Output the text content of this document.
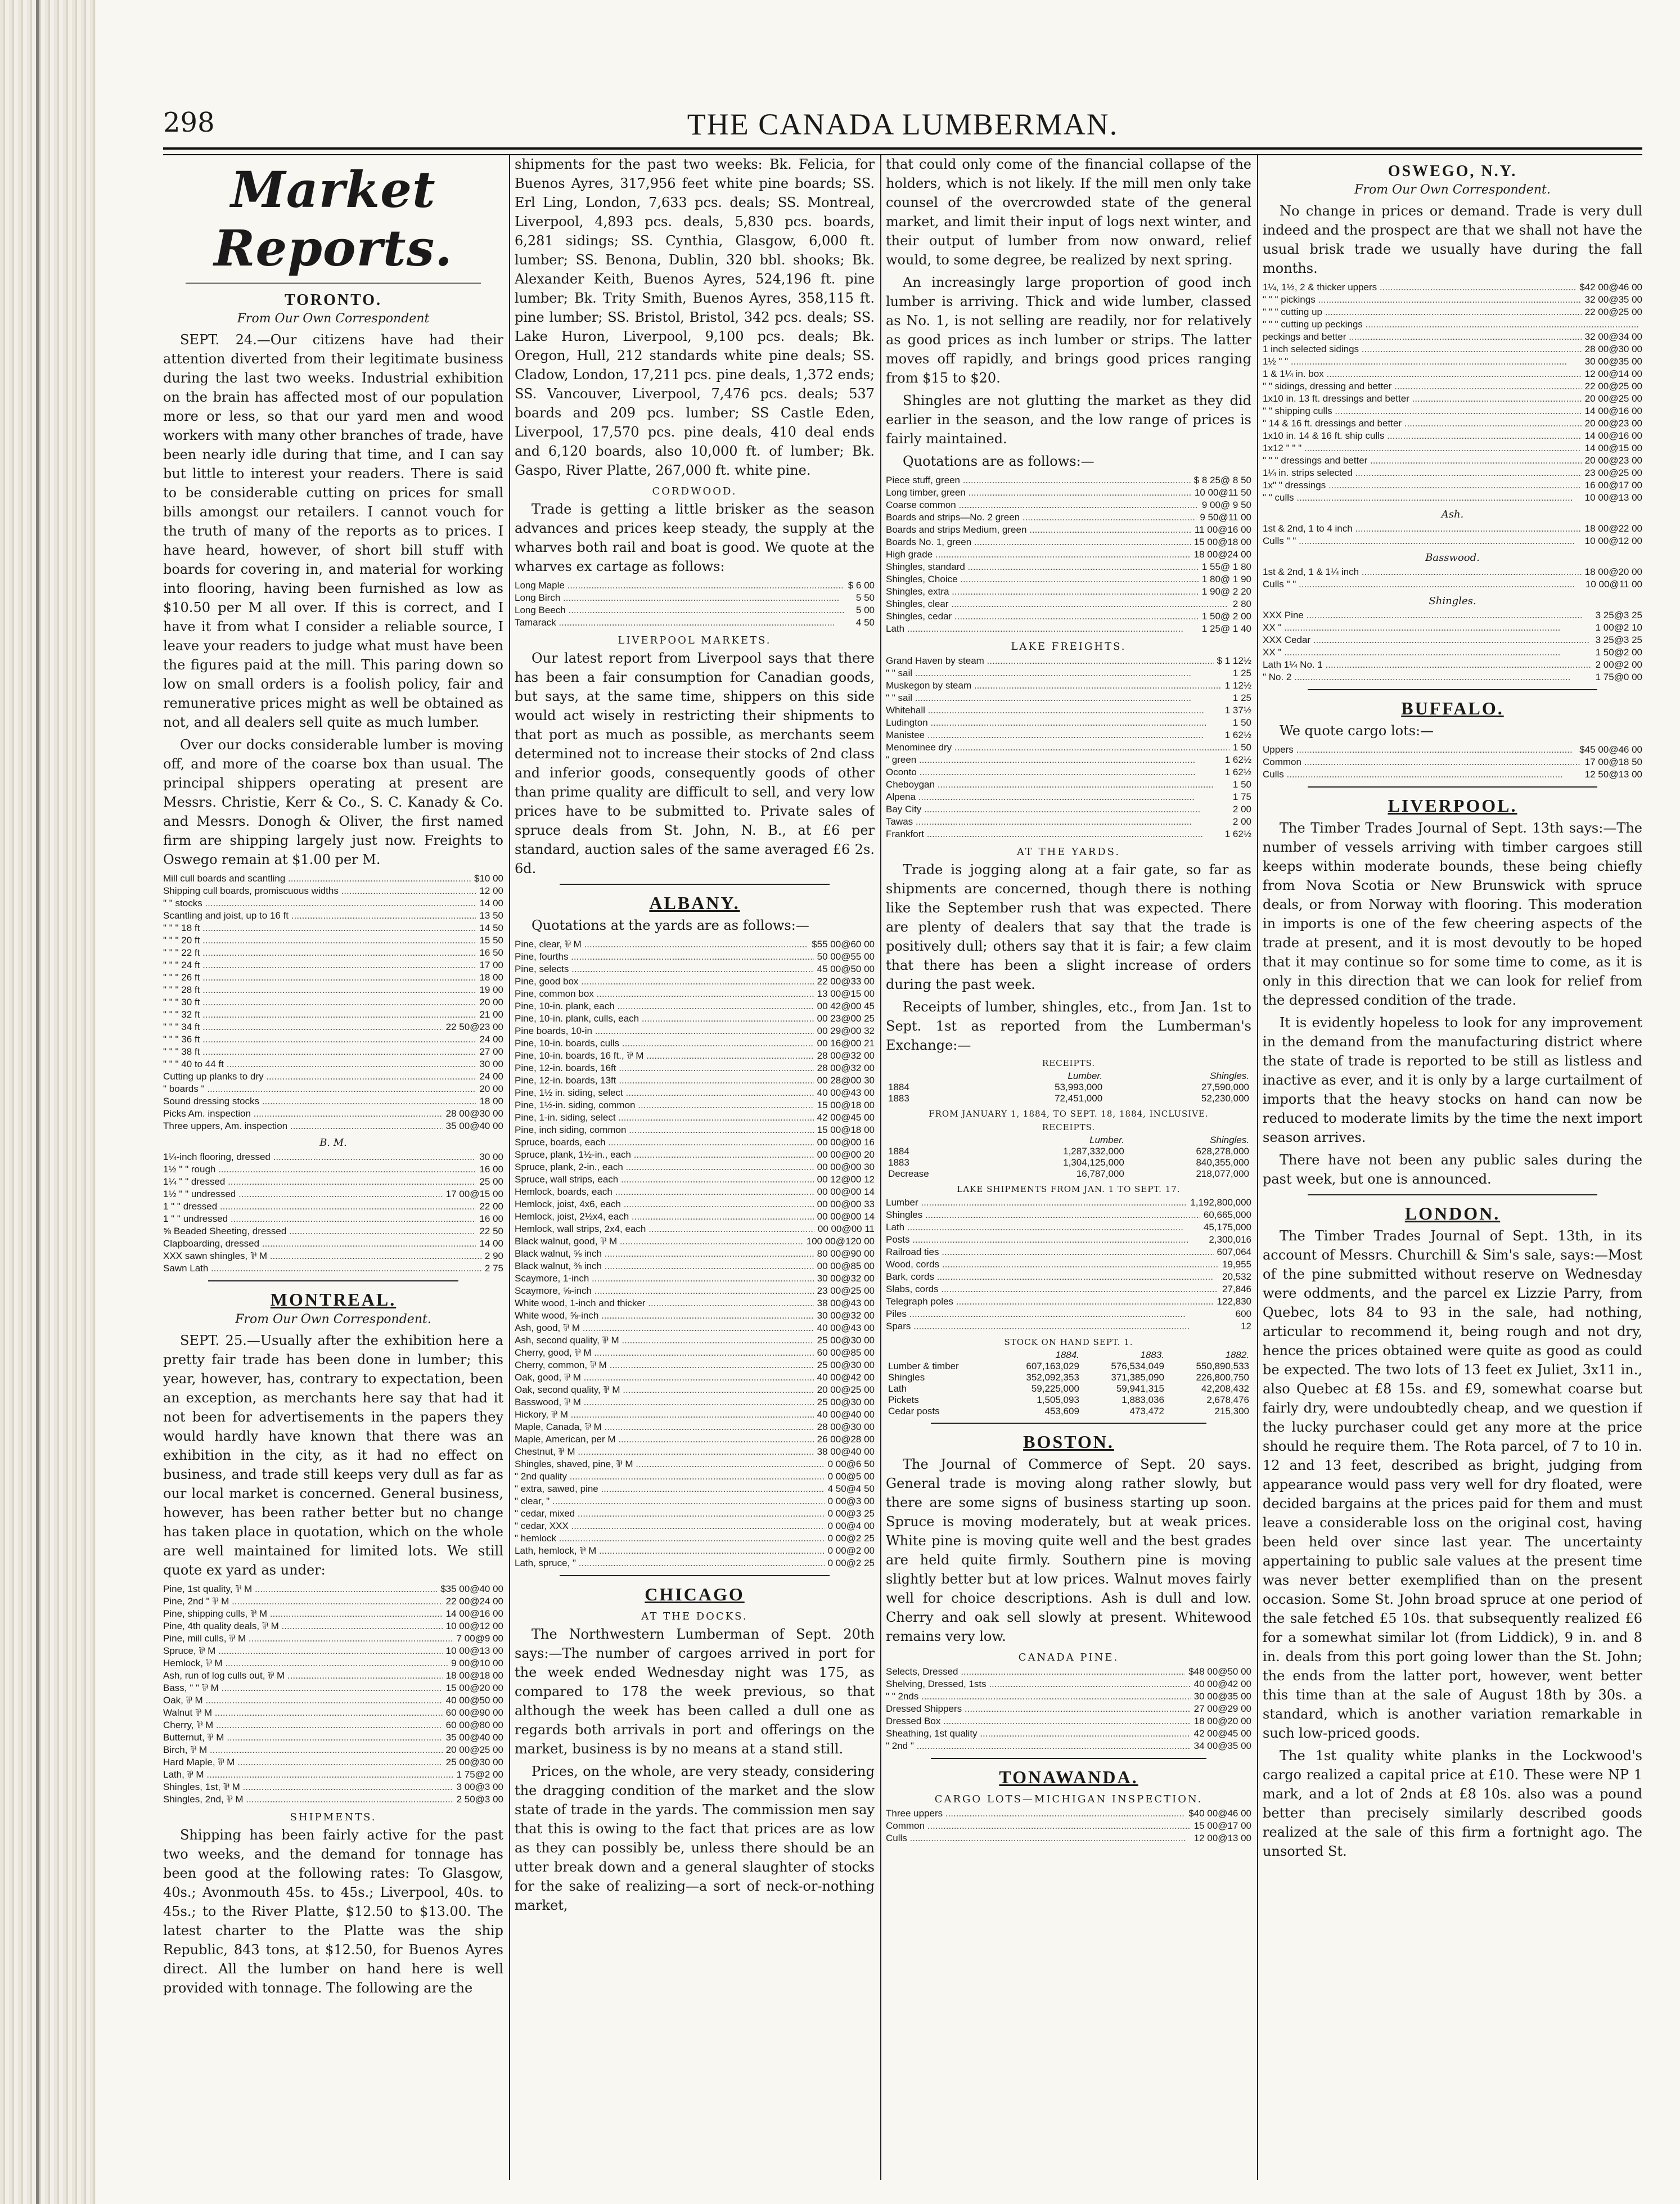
298	THE CANADA LUMBERMAN.
Market Reports.
TORONTO.
From Our Own Correspondent

SEPT. 24.—Our citizens have had their attention diverted from their legitimate business during the last two weeks. Industrial exhibition on the brain has affected most of our population more or less, so that our yard men and wood workers with many other branches of trade, have been nearly idle during that time, and I can say but little to interest your readers. There is said to be considerable cutting on prices for small bills amongst our retailers. I cannot vouch for the truth of many of the reports as to prices. I have heard, however, of short bill stuff with boards for covering in, and material for working into flooring, having been furnished as low as $10.50 per M all over. If this is correct, and I have it from what I consider a reliable source, I leave your readers to judge what must have been the figures paid at the mill. This paring down so low on small orders is a foolish policy, fair and remunerative prices might as well be obtained as not, and all dealers sell quite as much lumber.

Over our docks considerable lumber is moving off, and more of the coarse box than usual. The principal shippers operating at present are Messrs. Christie, Kerr & Co., S. C. Kanady & Co. and Messrs. Donogh & Oliver, the first named firm are shipping largely just now. Freights to Oswego remain at $1.00 per M.

Mill cull boards and scantling .....	$10 00
Shipping cull boards, promiscuous widths .....	12 00
" " stocks .....	14 00
Scantling and joist, up to 16 ft .....	13 50
" " " 18 ft .....	14 50
" " " 20 ft .....	15 50
" " " 22 ft .....	16 50
" " " 24 ft .....	17 00
" " " 26 ft .....	18 00
" " " 28 ft .....	19 00
" " " 30 ft .....	20 00
" " " 32 ft .....	21 00
" " " 34 ft .....	22 50@23 00
" " " 36 ft .....	24 00
" " " 38 ft .....	27 00
" " " 40 to 44 ft .....	30 00
Cutting up planks to dry .....	24 00
" boards " .....	20 00
Sound dressing stocks .....	18 00
Picks Am. inspection .....	28 00@30 00
Three uppers, Am. inspection .....	35 00@40 00
B. M.
1¼-inch flooring, dressed .....	30 00
1½ " " rough .....	16 00
1¼ " " dressed .....	25 00
1½ " " undressed .....	17 00@15 00
1 " " dressed .....	22 00
1 " " undressed .....	16 00
⅝ Beaded Sheeting, dressed .....	22 50
Clapboarding, dressed .....	14 00
XXX sawn shingles, ⅌ M .....	2 90
Sawn Lath .....	2 75
MONTREAL.
From Our Own Correspondent.

SEPT. 25.—Usually after the exhibition here a pretty fair trade has been done in lumber; this year, however, has, contrary to expectation, been an exception, as merchants here say that had it not been for advertisements in the papers they would hardly have known that there was an exhibition in the city, as it had no effect on business, and trade still keeps very dull as far as our local market is concerned. General business, however, has been rather better but no change has taken place in quotation, which on the whole are well maintained for limited lots. We still quote ex yard as under:

Pine, 1st quality, ⅌ M .....	$35 00@40 00
Pine, 2nd " ⅌ M .....	22 00@24 00
Pine, shipping culls, ⅌ M .....	14 00@16 00
Pine, 4th quality deals, ⅌ M .....	10 00@12 00
Pine, mill culls, ⅌ M .....	7 00@9 00
Spruce, ⅌ M .....	10 00@13 00
Hemlock, ⅌ M .....	9 00@10 00
Ash, run of log culls out, ⅌ M .....	18 00@18 00
Bass, " " ⅌ M .....	15 00@20 00
Oak, ⅌ M .....	40 00@50 00
Walnut ⅌ M .....	60 00@90 00
Cherry, ⅌ M .....	60 00@80 00
Butternut, ⅌ M .....	35 00@40 00
Birch, ⅌ M .....	20 00@25 00
Hard Maple, ⅌ M .....	25 00@30 00
Lath, ⅌ M .....	1 75@2 00
Shingles, 1st, ⅌ M .....	3 00@3 00
Shingles, 2nd, ⅌ M .....	2 50@3 00
SHIPMENTS.

Shipping has been fairly active for the past two weeks, and the demand for tonnage has been good at the following rates: To Glasgow, 40s.; Avonmouth 45s. to 45s.; Liverpool, 40s. to 45s.; to the River Platte, $12.50 to $13.00. The latest charter to the Platte was the ship Republic, 843 tons, at $12.50, for Buenos Ayres direct. All the lumber on hand here is well provided with tonnage. The following are the

shipments for the past two weeks: Bk. Felicia, for Buenos Ayres, 317,956 feet white pine boards; SS. Erl Ling, London, 7,633 pcs. deals; SS. Montreal, Liverpool, 4,893 pcs. deals, 5,830 pcs. boards, 6,281 sidings; SS. Cynthia, Glasgow, 6,000 ft. lumber; SS. Benona, Dublin, 320 bbl. shooks; Bk. Alexander Keith, Buenos Ayres, 524,196 ft. pine lumber; Bk. Trity Smith, Buenos Ayres, 358,115 ft. pine lumber; SS. Bristol, Bristol, 342 pcs. deals; SS. Lake Huron, Liverpool, 9,100 pcs. deals; Bk. Oregon, Hull, 212 standards white pine deals; SS. Cladow, London, 17,211 pcs. pine deals, 1,372 ends; SS. Vancouver, Liverpool, 7,476 pcs. deals; 537 boards and 209 pcs. lumber; SS Castle Eden, Liverpool, 17,570 pcs. pine deals, 410 deal ends and 6,120 boards, also 10,000 ft. of lumber; Bk. Gaspo, River Platte, 267,000 ft. white pine.

CORDWOOD.

Trade is getting a little brisker as the season advances and prices keep steady, the supply at the wharves both rail and boat is good. We quote at the wharves ex cartage as follows:

Long Maple .....	$ 6 00
Long Birch .....	5 50
Long Beech .....	5 00
Tamarack .....	4 50
LIVERPOOL MARKETS.

Our latest report from Liverpool says that there has been a fair consumption for Canadian goods, but says, at the same time, shippers on this side would act wisely in restricting their shipments to that port as much as possible, as merchants seem determined not to increase their stocks of 2nd class and inferior goods, consequently goods of other than prime quality are difficult to sell, and very low prices have to be submitted to. Private sales of spruce deals from St. John, N. B., at £6 per standard, auction sales of the same averaged £6 2s. 6d.

ALBANY.

Quotations at the yards are as follows:—

Pine, clear, ⅌ M .....	$55 00@60 00
Pine, fourths .....	50 00@55 00
Pine, selects .....	45 00@50 00
Pine, good box .....	22 00@33 00
Pine, common box .....	13 00@15 00
Pine, 10-in. plank, each .....	00 42@00 45
Pine, 10-in. plank, culls, each .....	00 23@00 25
Pine boards, 10-in .....	00 29@00 32
Pine, 10-in. boards, culls .....	00 16@00 21
Pine, 10-in. boards, 16 ft., ⅌ M .....	28 00@32 00
Pine, 12-in. boards, 16ft .....	28 00@32 00
Pine, 12-in. boards, 13ft .....	00 28@00 30
Pine, 1½ in. siding, select .....	40 00@43 00
Pine, 1½-in. siding, common .....	15 00@18 00
Pine, 1-in. siding, select .....	42 00@45 00
Pine, inch siding, common .....	15 00@18 00
Spruce, boards, each .....	00 00@00 16
Spruce, plank, 1½-in., each .....	00 00@00 20
Spruce, plank, 2-in., each .....	00 00@00 30
Spruce, wall strips, each .....	00 12@00 12
Hemlock, boards, each .....	00 00@00 14
Hemlock, joist, 4x6, each .....	00 00@00 33
Hemlock, joist, 2½x4, each .....	00 00@00 14
Hemlock, wall strips, 2x4, each .....	00 00@00 11
Black walnut, good, ⅌ M .....	100 00@120 00
Black walnut, ⅝ inch .....	80 00@90 00
Black walnut, ⅜ inch .....	00 00@85 00
Scaymore, 1-inch .....	30 00@32 00
Scaymore, ⅝-inch .....	23 00@25 00
White wood, 1-inch and thicker .....	38 00@43 00
White wood, ⅝-inch .....	30 00@32 00
Ash, good, ⅌ M .....	40 00@43 00
Ash, second quality, ⅌ M .....	25 00@30 00
Cherry, good, ⅌ M .....	60 00@85 00
Cherry, common, ⅌ M .....	25 00@30 00
Oak, good, ⅌ M .....	40 00@42 00
Oak, second quality, ⅌ M .....	20 00@25 00
Basswood, ⅌ M .....	25 00@30 00
Hickory, ⅌ M .....	40 00@40 00
Maple, Canada, ⅌ M .....	28 00@30 00
Maple, American, per M .....	26 00@28 00
Chestnut, ⅌ M .....	38 00@40 00
Shingles, shaved, pine, ⅌ M .....	0 00@6 50
" 2nd quality .....	0 00@5 00
" extra, sawed, pine .....	4 50@4 50
" clear, " .....	0 00@3 00
" cedar, mixed .....	0 00@3 25
" cedar, XXX .....	0 00@4 00
" hemlock .....	0 00@2 25
Lath, hemlock, ⅌ M .....	0 00@2 00
Lath, spruce, " .....	0 00@2 25
CHICAGO
AT THE DOCKS.

The Northwestern Lumberman of Sept. 20th says:—The number of cargoes arrived in port for the week ended Wednesday night was 175, as compared to 178 the week previous, so that although the week has been called a dull one as regards both arrivals in port and offerings on the market, business is by no means at a stand still.

Prices, on the whole, are very steady, considering the dragging condition of the market and the slow state of trade in the yards. The commission men say that this is owing to the fact that prices are as low as they can possibly be, unless there should be an utter break down and a general slaughter of stocks for the sake of realizing—a sort of neck-or-nothing market,

that could only come of the financial collapse of the holders, which is not likely. If the mill men only take counsel of the overcrowded state of the general market, and limit their input of logs next winter, and their output of lumber from now onward, relief would, to some degree, be realized by next spring.

An increasingly large proportion of good inch lumber is arriving. Thick and wide lumber, classed as No. 1, is not selling are readily, nor for relatively as good prices as inch lumber or strips. The latter moves off rapidly, and brings good prices ranging from $15 to $20.

Shingles are not glutting the market as they did earlier in the season, and the low range of prices is fairly maintained.

Quotations are as follows:—

Piece stuff, green .....	$ 8 25@ 8 50
Long timber, green .....	10 00@11 50
Coarse common .....	9 00@ 9 50
Boards and strips—No. 2 green .....	9 50@11 00
Boards and strips Medium, green .....	11 00@16 00
Boards No. 1, green .....	15 00@18 00
High grade .....	18 00@24 00
Shingles, standard .....	1 55@ 1 80
Shingles, Choice .....	1 80@ 1 90
Shingles, extra .....	1 90@ 2 20
Shingles, clear .....	2 80
Shingles, cedar .....	1 50@ 2 00
Lath .....	1 25@ 1 40
LAKE FREIGHTS.
Grand Haven by steam .....	$ 1 12½
" " sail .....	1 25
Muskegon by steam .....	1 12½
" " sail .....	1 25
Whitehall .....	1 37½
Ludington .....	1 50
Manistee .....	1 62½
Menominee dry .....	1 50
" green .....	1 62½
Oconto .....	1 62½
Cheboygan .....	1 50
Alpena .....	1 75
Bay City .....	2 00
Tawas .....	2 00
Frankfort .....	1 62½
AT THE YARDS.

Trade is jogging along at a fair gate, so far as shipments are concerned, though there is nothing like the September rush that was expected. There are plenty of dealers that say that the trade is positively dull; others say that it is fair; a few claim that there has been a slight increase of orders during the past week.

Receipts of lumber, shingles, etc., from Jan. 1st to Sept. 1st as reported from the Lumberman's Exchange:—

RECEIPTS.
	Lumber.	Shingles.
1884	53,993,000	27,590,000
1883	72,451,000	52,230,000
FROM JANUARY 1, 1884, TO SEPT. 18, 1884, INCLUSIVE.
RECEIPTS.
	Lumber.	Shingles.
1884	1,287,332,000	628,278,000
1883	1,304,125,000	840,355,000
Decrease	16,787,000	218,077,000
LAKE SHIPMENTS FROM JAN. 1 TO SEPT. 17.
Lumber .....	1,192,800,000
Shingles .....	60,665,000
Lath .....	45,175,000
Posts .....	2,300,016
Railroad ties .....	607,064
Wood, cords .....	19,955
Bark, cords .....	20,532
Slabs, cords .....	27,846
Telegraph poles .....	122,830
Piles .....	600
Spars .....	12
STOCK ON HAND SEPT. 1.
	1884.	1883.	1882.
Lumber & timber	607,163,029	576,534,049	550,890,533
Shingles	352,092,353	371,385,090	226,800,750
Lath	59,225,000	59,941,315	42,208,432
Pickets	1,505,093	1,883,036	2,678,476
Cedar posts	453,609	473,472	215,300
BOSTON.

The Journal of Commerce of Sept. 20 says. General trade is moving along rather slowly, but there are some signs of business starting up soon. Spruce is moving moderately, but at weak prices. White pine is moving quite well and the best grades are held quite firmly. Southern pine is moving slightly better but at low prices. Walnut moves fairly well for choice descriptions. Ash is dull and low. Cherry and oak sell slowly at present. Whitewood remains very low.

CANADA PINE.
Selects, Dressed .....	$48 00@50 00
Shelving, Dressed, 1sts .....	40 00@42 00
" " 2nds .....	30 00@35 00
Dressed Shippers .....	27 00@29 00
Dressed Box .....	18 00@20 00
Sheathing, 1st quality .....	42 00@45 00
" 2nd " .....	34 00@35 00
TONAWANDA.
CARGO LOTS—MICHIGAN INSPECTION.
Three uppers .....	$40 00@46 00
Common .....	15 00@17 00
Culls .....	12 00@13 00
OSWEGO, N.Y.
From Our Own Correspondent.

No change in prices or demand. Trade is very dull indeed and the prospect are that we shall not have the usual brisk trade we usually have during the fall months.

1¼, 1½, 2 & thicker uppers .....	$42 00@46 00
" " " pickings .....	32 00@35 00
" " " cutting up .....	22 00@25 00
" " " cutting up peckings .....
peckings and better .....	32 00@34 00
1 inch selected sidings .....	28 00@30 00
1½ " " .....	30 00@35 00
1 & 1¼ in. box .....	12 00@14 00
" " sidings, dressing and better .....	22 00@25 00
1x10 in. 13 ft. dressings and better .....	20 00@25 00
" " shipping culls .....	14 00@16 00
" 14 & 16 ft. dressings and better .....	20 00@23 00
1x10 in. 14 & 16 ft. ship culls .....	14 00@16 00
1x12 " " " .....	14 00@15 00
" " " dressings and better .....	20 00@23 00
1¼ in. strips selected .....	23 00@25 00
1x" " dressings .....	16 00@17 00
" " culls .....	10 00@13 00
Ash.
1st & 2nd, 1 to 4 inch .....	18 00@22 00
Culls " " .....	10 00@12 00
Basswood.
1st & 2nd, 1 & 1¼ inch .....	18 00@20 00
Culls " " .....	10 00@11 00
Shingles.
XXX Pine .....	3 25@3 25
XX " .....	1 00@2 10
XXX Cedar .....	3 25@3 25
XX " .....	1 50@2 00
Lath 1¼ No. 1 .....	2 00@2 00
" No. 2 .....	1 75@0 00
BUFFALO.

We quote cargo lots:—

Uppers .....	$45 00@46 00
Common .....	17 00@18 50
Culls .....	12 50@13 00
LIVERPOOL.

The Timber Trades Journal of Sept. 13th says:—The number of vessels arriving with timber cargoes still keeps within moderate bounds, these being chiefly from Nova Scotia or New Brunswick with spruce deals, or from Norway with flooring. This moderation in imports is one of the few cheering aspects of the trade at present, and it is most devoutly to be hoped that it may continue so for some time to come, as it is only in this direction that we can look for relief from the depressed condition of the trade.

It is evidently hopeless to look for any improvement in the demand from the manufacturing district where the state of trade is reported to be still as listless and inactive as ever, and it is only by a large curtailment of imports that the heavy stocks on hand can now be reduced to moderate limits by the time the next import season arrives.

There have not been any public sales during the past week, but one is announced.

LONDON.

The Timber Trades Journal of Sept. 13th, in its account of Messrs. Churchill & Sim's sale, says:—Most of the pine submitted without reserve on Wednesday were oddments, and the parcel ex Lizzie Parry, from Quebec, lots 84 to 93 in the sale, had nothing, articular to recommend it, being rough and not dry, hence the prices obtained were quite as good as could be expected. The two lots of 13 feet ex Juliet, 3x11 in., also Quebec at £8 15s. and £9, somewhat coarse but fairly dry, were undoubtedly cheap, and we question if the lucky purchaser could get any more at the price should he require them. The Rota parcel, of 7 to 10 in. 12 and 13 feet, described as bright, judging from appearance would pass very well for dry floated, were decided bargains at the prices paid for them and must leave a considerable loss on the original cost, having been held over since last year. The uncertainty appertaining to public sale values at the present time was never better exemplified than on the present occasion. Some St. John broad spruce at one period of the sale fetched £5 10s. that subsequently realized £6 for a somewhat similar lot (from Liddick), 9 in. and 8 in. deals from this port going lower than the St. John; the ends from the latter port, however, went better this time than at the sale of August 18th by 30s. a standard, which is another variation remarkable in such low-priced goods.

The 1st quality white planks in the Lockwood's cargo realized a capital price at £10. These were NP 1 mark, and a lot of 2nds at £8 10s. also was a pound better than precisely similarly described goods realized at the sale of this firm a fortnight ago. The unsorted St.
